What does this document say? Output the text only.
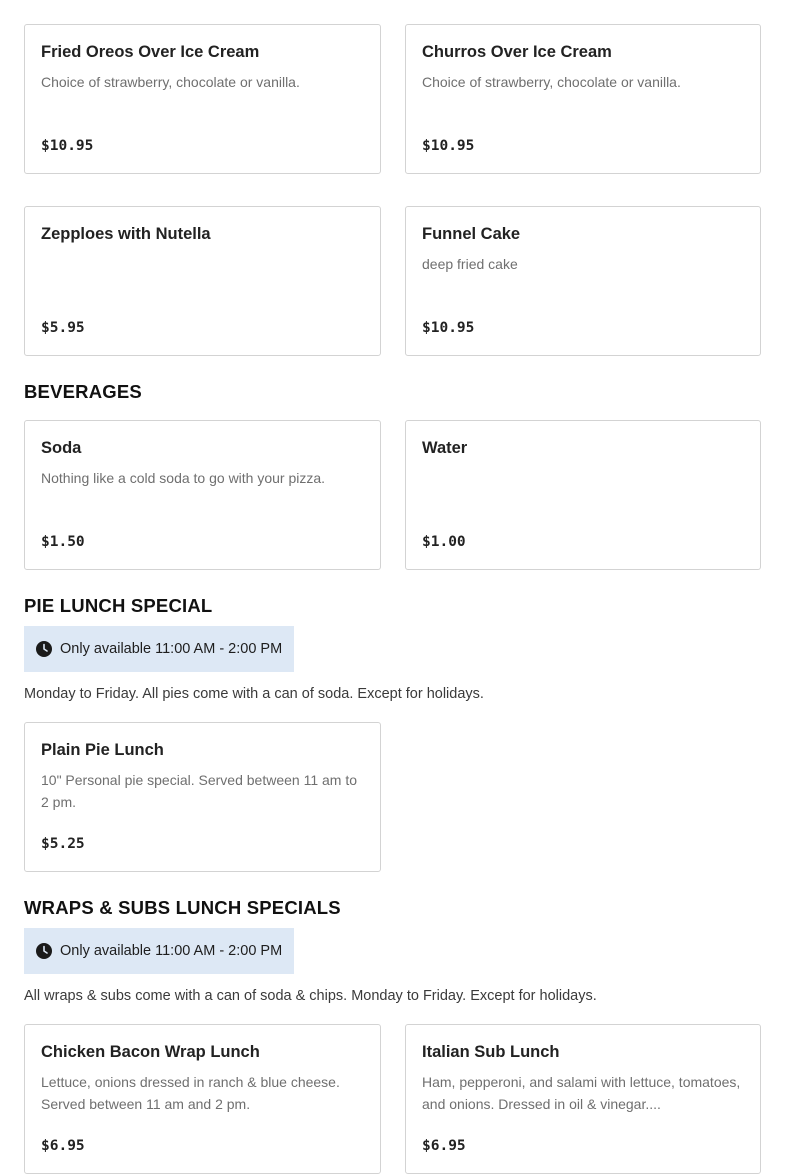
Fried Oreos Over Ice Cream
Choice of strawberry, chocolate or vanilla.
$10.95
Churros Over Ice Cream
Choice of strawberry, chocolate or vanilla.
$10.95
Zepploes with Nutella
$5.95
Funnel Cake
deep fried cake
$10.95
BEVERAGES
Soda
Nothing like a cold soda to go with your pizza.
$1.50
Water
$1.00
PIE LUNCH SPECIAL
Only available 11:00 AM - 2:00 PM
Monday to Friday. All pies come with a can of soda. Except for holidays.
Plain Pie Lunch
10" Personal pie special. Served between 11 am to 2 pm.
$5.25
WRAPS & SUBS LUNCH SPECIALS
Only available 11:00 AM - 2:00 PM
All wraps & subs come with a can of soda & chips. Monday to Friday. Except for holidays.
Chicken Bacon Wrap Lunch
Lettuce, onions dressed in ranch & blue cheese. Served between 11 am and 2 pm.
$6.95
Italian Sub Lunch
Ham, pepperoni, and salami with lettuce, tomatoes, and onions. Dressed in oil & vinegar....
$6.95
